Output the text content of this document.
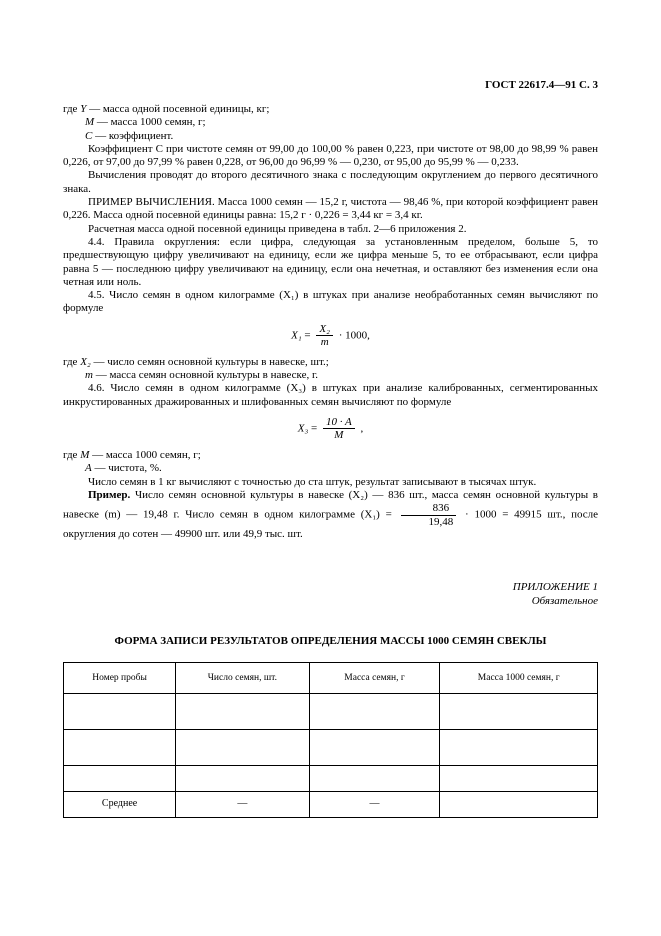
ГОСТ 22617.4—91 С. 3
где Y — масса одной посевной единицы, кг;
M — масса 1000 семян, г;
C — коэффициент.

Коэффициент C при чистоте семян от 99,00 до 100,00 % равен 0,223, при чистоте от 98,00 до 98,99 % равен 0,226, от 97,00 до 97,99 % равен 0,228, от 96,00 до 96,99 % — 0,230, от 95,00 до 95,99 % — 0,233.

Вычисления проводят до второго десятичного знака с последующим округлением до первого десятичного знака.

ПРИМЕР ВЫЧИСЛЕНИЯ. Масса 1000 семян — 15,2 г, чистота — 98,46 %, при которой коэффициент равен 0,226. Масса одной посевной единицы равна: 15,2 г · 0,226 = 3,44 кг = 3,4 кг.

Расчетная масса одной посевной единицы приведена в табл. 2—6 приложения 2.

4.4. Правила округления: если цифра, следующая за установленным пределом, больше 5, то предшествующую цифру увеличивают на единицу, если же цифра меньше 5, то ее отбрасывают, если цифра равна 5 — последнюю цифру увеличивают на единицу, если она нечетная, и оставляют без изменения если она четная или ноль.

4.5. Число семян в одном килограмме (X₁) в штуках при анализе необработанных семян вычисляют по формуле

$X_1 = \frac{\text{X₂}}{m} \cdot 1000$,
где X₂ — число семян основной культуры в навеске, шт.;
m — масса семян основной культуры в навеске, г.

4.6. Число семян в одном килограмме (X₃) в штуках при анализе калиброванных, сегментированных инкрустированных дражированных и шлифованных семян вычисляют по формуле

$X_3 = \frac{10 \cdot A}{M}$ ,
где M — масса 1000 семян, г;
A — чистота, %.

Число семян в 1 кг вычисляют с точностью до ста штук, результат записывают в тысячах штук.

Пример. Число семян основной культуры в навеске (X₂) — 836 шт., масса семян основной культуры в навеске (m) — 19,48 г. Число семян в одном килограмме $(X_1) = \frac{836}{19,48} \cdot 1000 = 49915$ шт., после округления до сотен — 49900 шт. или 49,9 тыс. шт.

ПРИЛОЖЕНИЕ 1
Обязательное
ФОРМА ЗАПИСИ РЕЗУЛЬТАТОВ ОПРЕДЕЛЕНИЯ МАССЫ 1000 СЕМЯН СВЕКЛЫ
Номер пробы	Число семян, шт.	Масса семян, г	Масса 1000 семян, г

Среднее	—	—	
